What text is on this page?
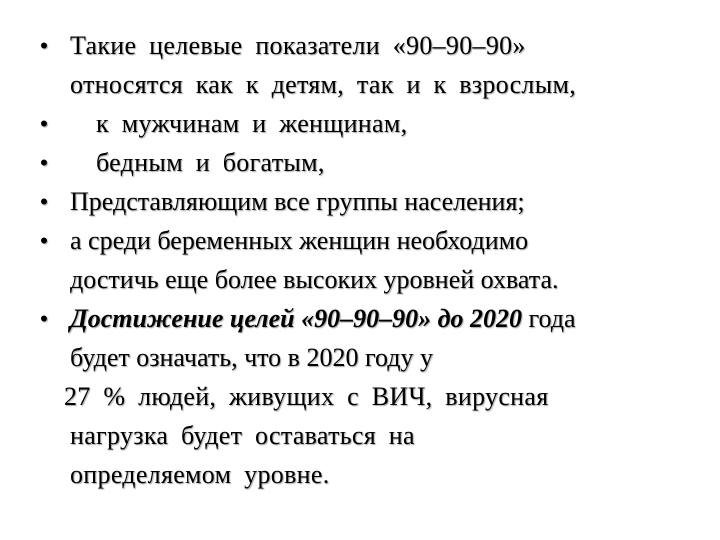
• Такие целевые показатели «90–90–90»
относятся как к детям, так и к взрослым,
•	к мужчинам и женщинам,
•	бедным и богатым,
• Представляющим все группы населения;
• а среди беременных женщин необходимо
достичь еще более высоких уровней охвата.
• Достижение целей «90–90–90» до 2020 года
будет означать, что в 2020 году у
27 % людей, живущих с ВИЧ, вирусная
нагрузка будет оставаться на
определяемом уровне.
